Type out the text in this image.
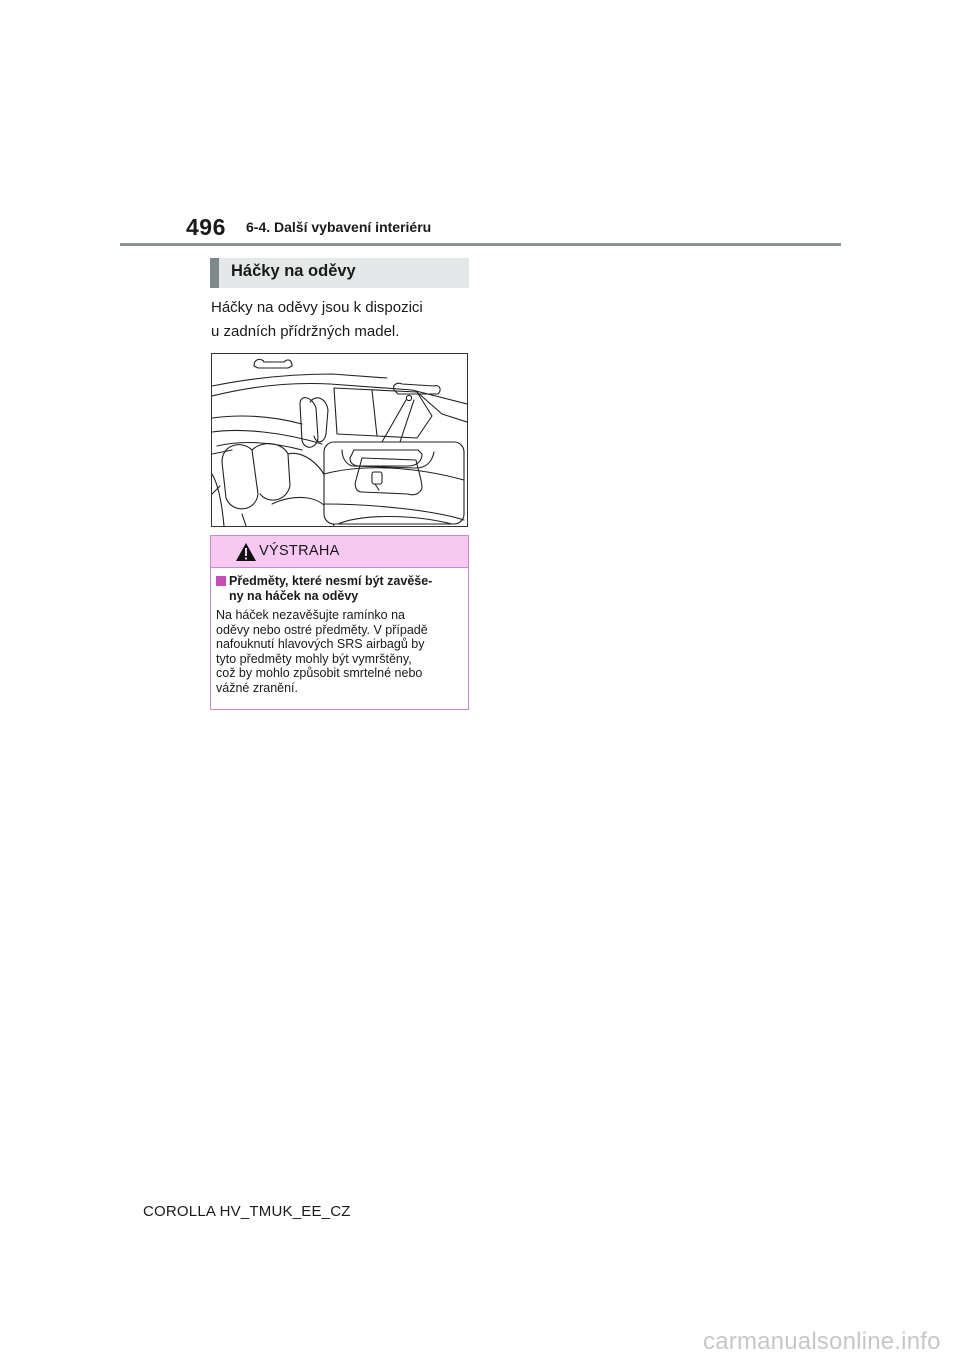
496 6-4. Další vybavení interiéru
Háčky na oděvy
Háčky na oděvy jsou k dispozici
u zadních přídržných madel.
VÝSTRAHA
Předměty, které nesmí být zavěše-
ny na háček na oděvy
Na háček nezavěšujte ramínko na
oděvy nebo ostré předměty. V případě
nafouknutí hlavových SRS airbagů by
tyto předměty mohly být vymrštěny,
což by mohlo způsobit smrtelné nebo
vážné zranění.
COROLLA HV_TMUK_EE_CZ
carmanualsonline.info
